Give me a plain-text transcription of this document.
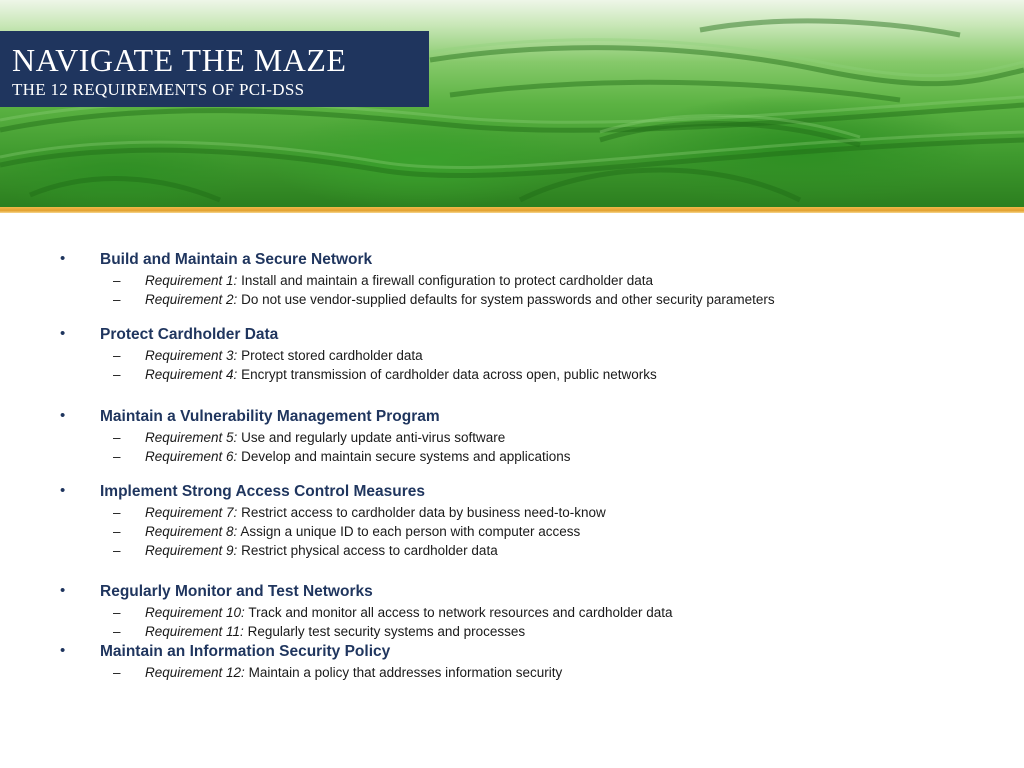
NAVIGATE THE MAZE
THE 12 REQUIREMENTS OF PCI-DSS
• Build and Maintain a Secure Network
– Requirement 1: Install and maintain a firewall configuration to protect cardholder data
– Requirement 2: Do not use vendor-supplied defaults for system passwords and other security parameters
• Protect Cardholder Data
– Requirement 3: Protect stored cardholder data
– Requirement 4: Encrypt transmission of cardholder data across open, public networks
• Maintain a Vulnerability Management Program
– Requirement 5: Use and regularly update anti-virus software
– Requirement 6: Develop and maintain secure systems and applications
• Implement Strong Access Control Measures
– Requirement 7: Restrict access to cardholder data by business need-to-know
– Requirement 8: Assign a unique ID to each person with computer access
– Requirement 9: Restrict physical access to cardholder data
• Regularly Monitor and Test Networks
– Requirement 10: Track and monitor all access to network resources and cardholder data
– Requirement 11: Regularly test security systems and processes
• Maintain an Information Security Policy
– Requirement 12: Maintain a policy that addresses information security
